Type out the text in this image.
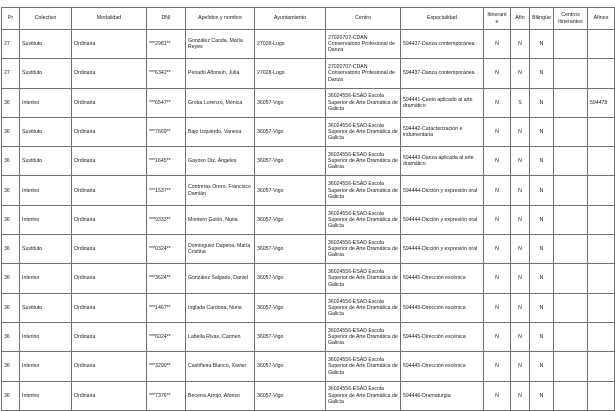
Pr	Colectivo	Modalidad	DNI	Apelidos y nombre	Ayuntamiento	Centro	Especialidad	Itinerante	Afín	Bilingüe	Centros itinerantes	Afines
27	Sustituto	Ordinaria	***2981**	González Canda, María Reyes	27028-Lugo	27020707-CDAN Conservatorio Profesional de Danza	594437-Danza contemporánea	N	N	N		
27	Sustituto	Ordinaria	***6342**	Penado Alfonsín, Julia	27028-Lugo	27020707-CDAN Conservatorio Profesional de Danza	594437-Danza contemporánea	N	N	N		
36	Interino	Ordinaria	***6547**	Groba Lorenzo, Mónica	36057-Vigo	36024556-ESAD Escola Superior de Arte Dramática de Galicia	594441-Canto aplicado al arte dramático	N	S	N		594478
36	Sustituto	Ordinaria	***7669**	Bajo Izquierdo, Vanesa	36057-Vigo	36024556-ESAD Escola Superior de Arte Dramática de Galicia	594442-Caracterización e indumentaria	N	N	N		
36	Sustituto	Ordinaria	***1645**	Gayoso Diz, Ángeles	36057-Vigo	36024556-ESAD Escola Superior de Arte Dramática de Galicia	594443-Danza aplicada al arte dramático	N	N	N		
36	Interino	Ordinaria	***1537**	Contreras Orero, Francisco Damián	36057-Vigo	36024556-ESAD Escola Superior de Arte Dramática de Galicia	594444-Dicción y expresión oral	N	N	N		
36	Interino	Ordinaria	***9333**	Montero Gulón, Nuria	36057-Vigo	36024556-ESAD Escola Superior de Arte Dramática de Galicia	594444-Dicción y expresión oral	N	N	N		
36	Sustituto	Ordinaria	***0324**	Domínguez Dapena, María Cristina	36057-Vigo	36024556-ESAD Escola Superior de Arte Dramática de Galicia	594444-Dicción y expresión oral	N	N	N		
36	Interino	Ordinaria	***3624**	González Salgado, Daniel	36057-Vigo	36024556-ESAD Escola Superior de Arte Dramática de Galicia	594445-Dirección escénica	N	N	N		
36	Sustituto	Ordinaria	***1467**	Inglada Cardona, Nuria	36057-Vigo	36024556-ESAD Escola Superior de Arte Dramática de Galicia	594445-Dirección escénica	N	N	N		
36	Interino	Ordinaria	***6024**	Labella Rivas, Carmen	36057-Vigo	36024556-ESAD Escola Superior de Arte Dramática de Galicia	594445-Dirección escénica	N	N	N		
36	Interino	Ordinaria	***3290**	Castiñeira Blanco, Xavier	36057-Vigo	36024556-ESAD Escola Superior de Arte Dramática de Galicia	594445-Dirección escénica	N	N	N		
36	Interino	Ordinaria	***7376**	Becerra Arrojo, Afonso	36057-Vigo	36024556-ESAD Escola Superior de Arte Dramática de Galicia	594446-Dramaturgia	N	N	N		
